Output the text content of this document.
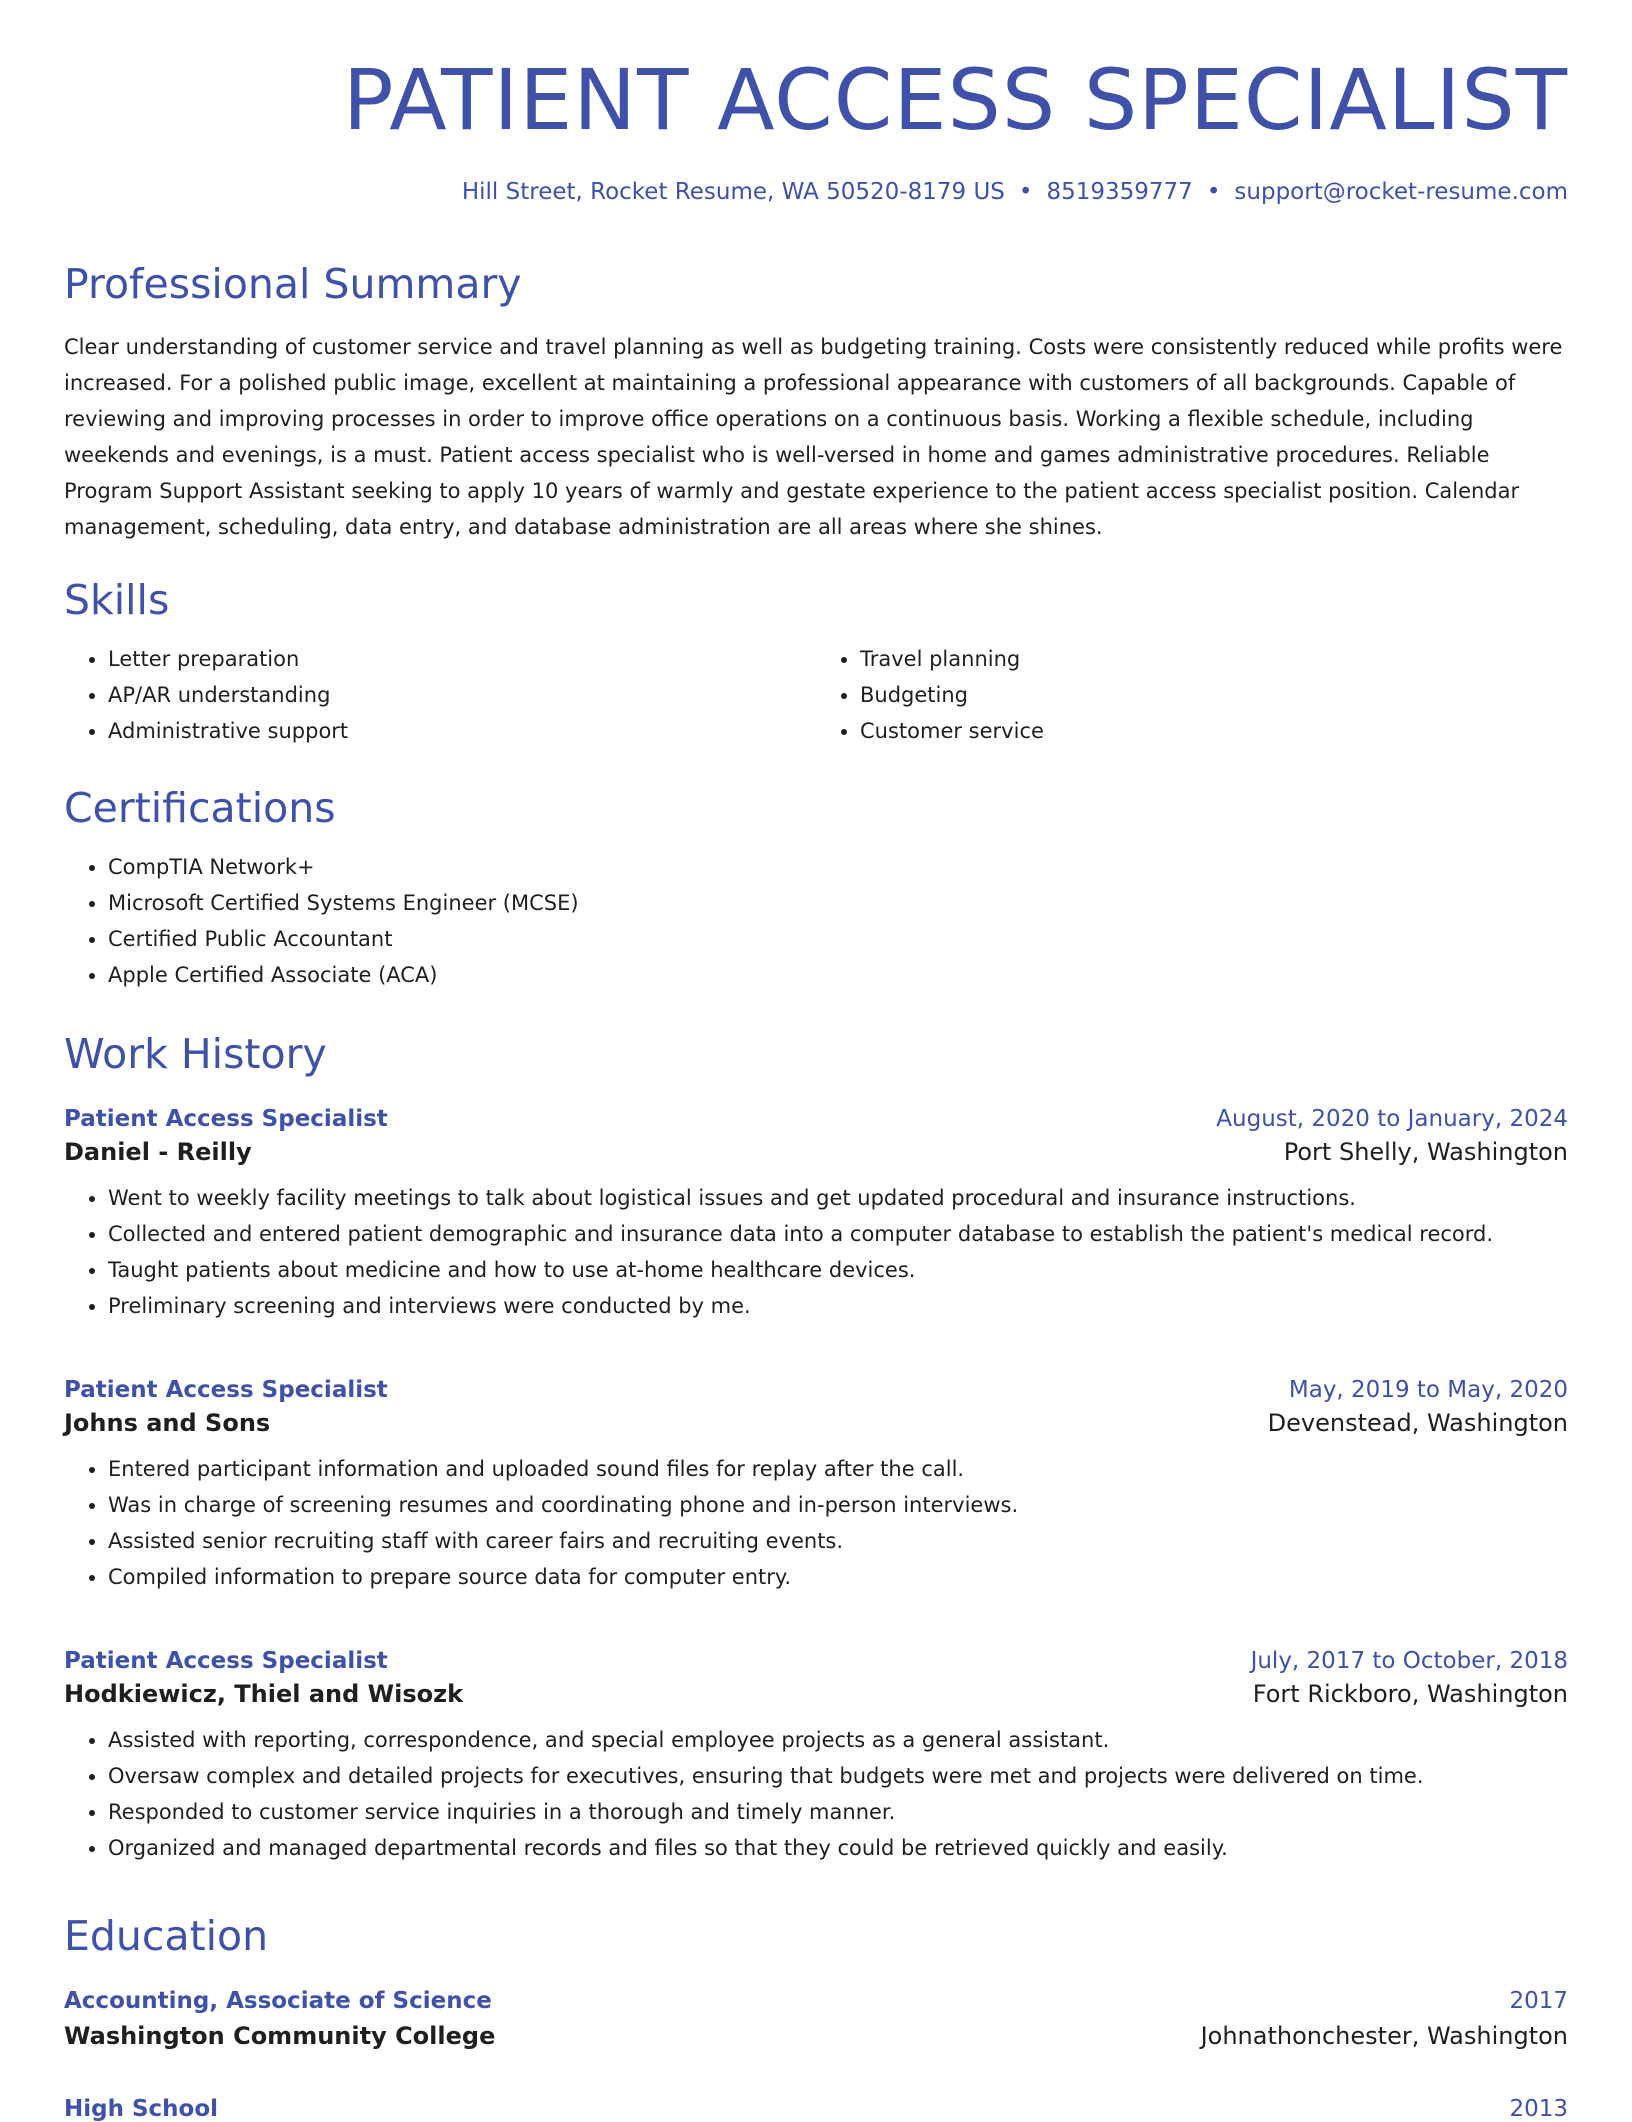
PATIENT ACCESS SPECIALIST
Hill Street, Rocket Resume, WA 50520-8179 US • 8519359777 • support@rocket-resume.com
Professional Summary

Clear understanding of customer service and travel planning as well as budgeting training. Costs were consistently reduced while profits were increased. For a polished public image, excellent at maintaining a professional appearance with customers of all backgrounds. Capable of reviewing and improving processes in order to improve office operations on a continuous basis. Working a flexible schedule, including weekends and evenings, is a must. Patient access specialist who is well-versed in home and games administrative procedures. Reliable Program Support Assistant seeking to apply 10 years of warmly and gestate experience to the patient access specialist position. Calendar management, scheduling, data entry, and database administration are all areas where she shines.

Skills
• Letter preparation
• AP/AR understanding
• Administrative support
• Travel planning
• Budgeting
• Customer service
Certifications
• CompTIA Network+
• Microsoft Certified Systems Engineer (MCSE)
• Certified Public Accountant
• Apple Certified Associate (ACA)
Work History
Patient Access Specialist	August, 2020 to January, 2024
Daniel - Reilly	Port Shelly, Washington
• Went to weekly facility meetings to talk about logistical issues and get updated procedural and insurance instructions.
• Collected and entered patient demographic and insurance data into a computer database to establish the patient's medical record.
• Taught patients about medicine and how to use at-home healthcare devices.
• Preliminary screening and interviews were conducted by me.
Patient Access Specialist	May, 2019 to May, 2020
Johns and Sons	Devenstead, Washington
• Entered participant information and uploaded sound files for replay after the call.
• Was in charge of screening resumes and coordinating phone and in-person interviews.
• Assisted senior recruiting staff with career fairs and recruiting events.
• Compiled information to prepare source data for computer entry.
Patient Access Specialist	July, 2017 to October, 2018
Hodkiewicz, Thiel and Wisozk	Fort Rickboro, Washington
• Assisted with reporting, correspondence, and special employee projects as a general assistant.
• Oversaw complex and detailed projects for executives, ensuring that budgets were met and projects were delivered on time.
• Responded to customer service inquiries in a thorough and timely manner.
• Organized and managed departmental records and files so that they could be retrieved quickly and easily.
Education
Accounting, Associate of Science	2017
Washington Community College	Johnathonchester, Washington
High School	2013
